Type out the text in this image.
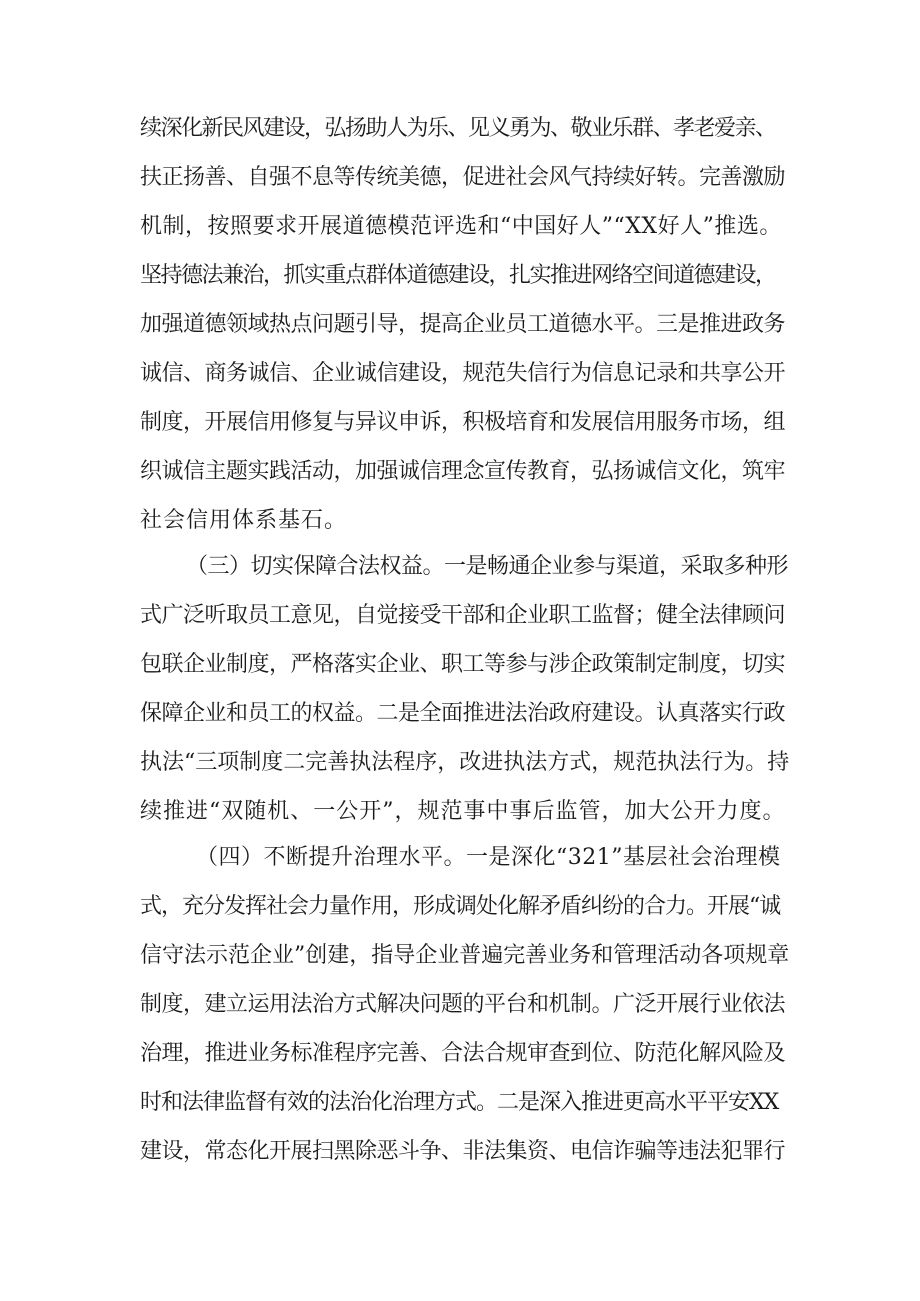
续深化新民风建设，弘扬助人为乐、见义勇为、敬业乐群、孝老爱亲、
扶正扬善、自强不息等传统美德，促进社会风气持续好转。完善激励
机制，按照要求开展道德模范评选和“中国好人”“XX好人”推选。
坚持德法兼治，抓实重点群体道德建设，扎实推进网络空间道德建设，
加强道德领域热点问题引导，提高企业员工道德水平。三是推进政务
诚信、商务诚信、企业诚信建设，规范失信行为信息记录和共享公开
制度，开展信用修复与异议申诉，积极培育和发展信用服务市场，组
织诚信主题实践活动，加强诚信理念宣传教育，弘扬诚信文化，筑牢
社会信用体系基石。
（三）切实保障合法权益。一是畅通企业参与渠道，采取多种形
式广泛听取员工意见，自觉接受干部和企业职工监督；健全法律顾问
包联企业制度，严格落实企业、职工等参与涉企政策制定制度，切实
保障企业和员工的权益。二是全面推进法治政府建设。认真落实行政
执法“三项制度二完善执法程序，改进执法方式，规范执法行为。持
续推进“双随机、一公开”，规范事中事后监管，加大公开力度。
（四）不断提升治理水平。一是深化“321”基层社会治理模
式，充分发挥社会力量作用，形成调处化解矛盾纠纷的合力。开展“诚
信守法示范企业”创建，指导企业普遍完善业务和管理活动各项规章
制度，建立运用法治方式解决问题的平台和机制。广泛开展行业依法
治理，推进业务标准程序完善、合法合规审查到位、防范化解风险及
时和法律监督有效的法治化治理方式。二是深入推进更高水平平安XX
建设，常态化开展扫黑除恶斗争、非法集资、电信诈骗等违法犯罪行
